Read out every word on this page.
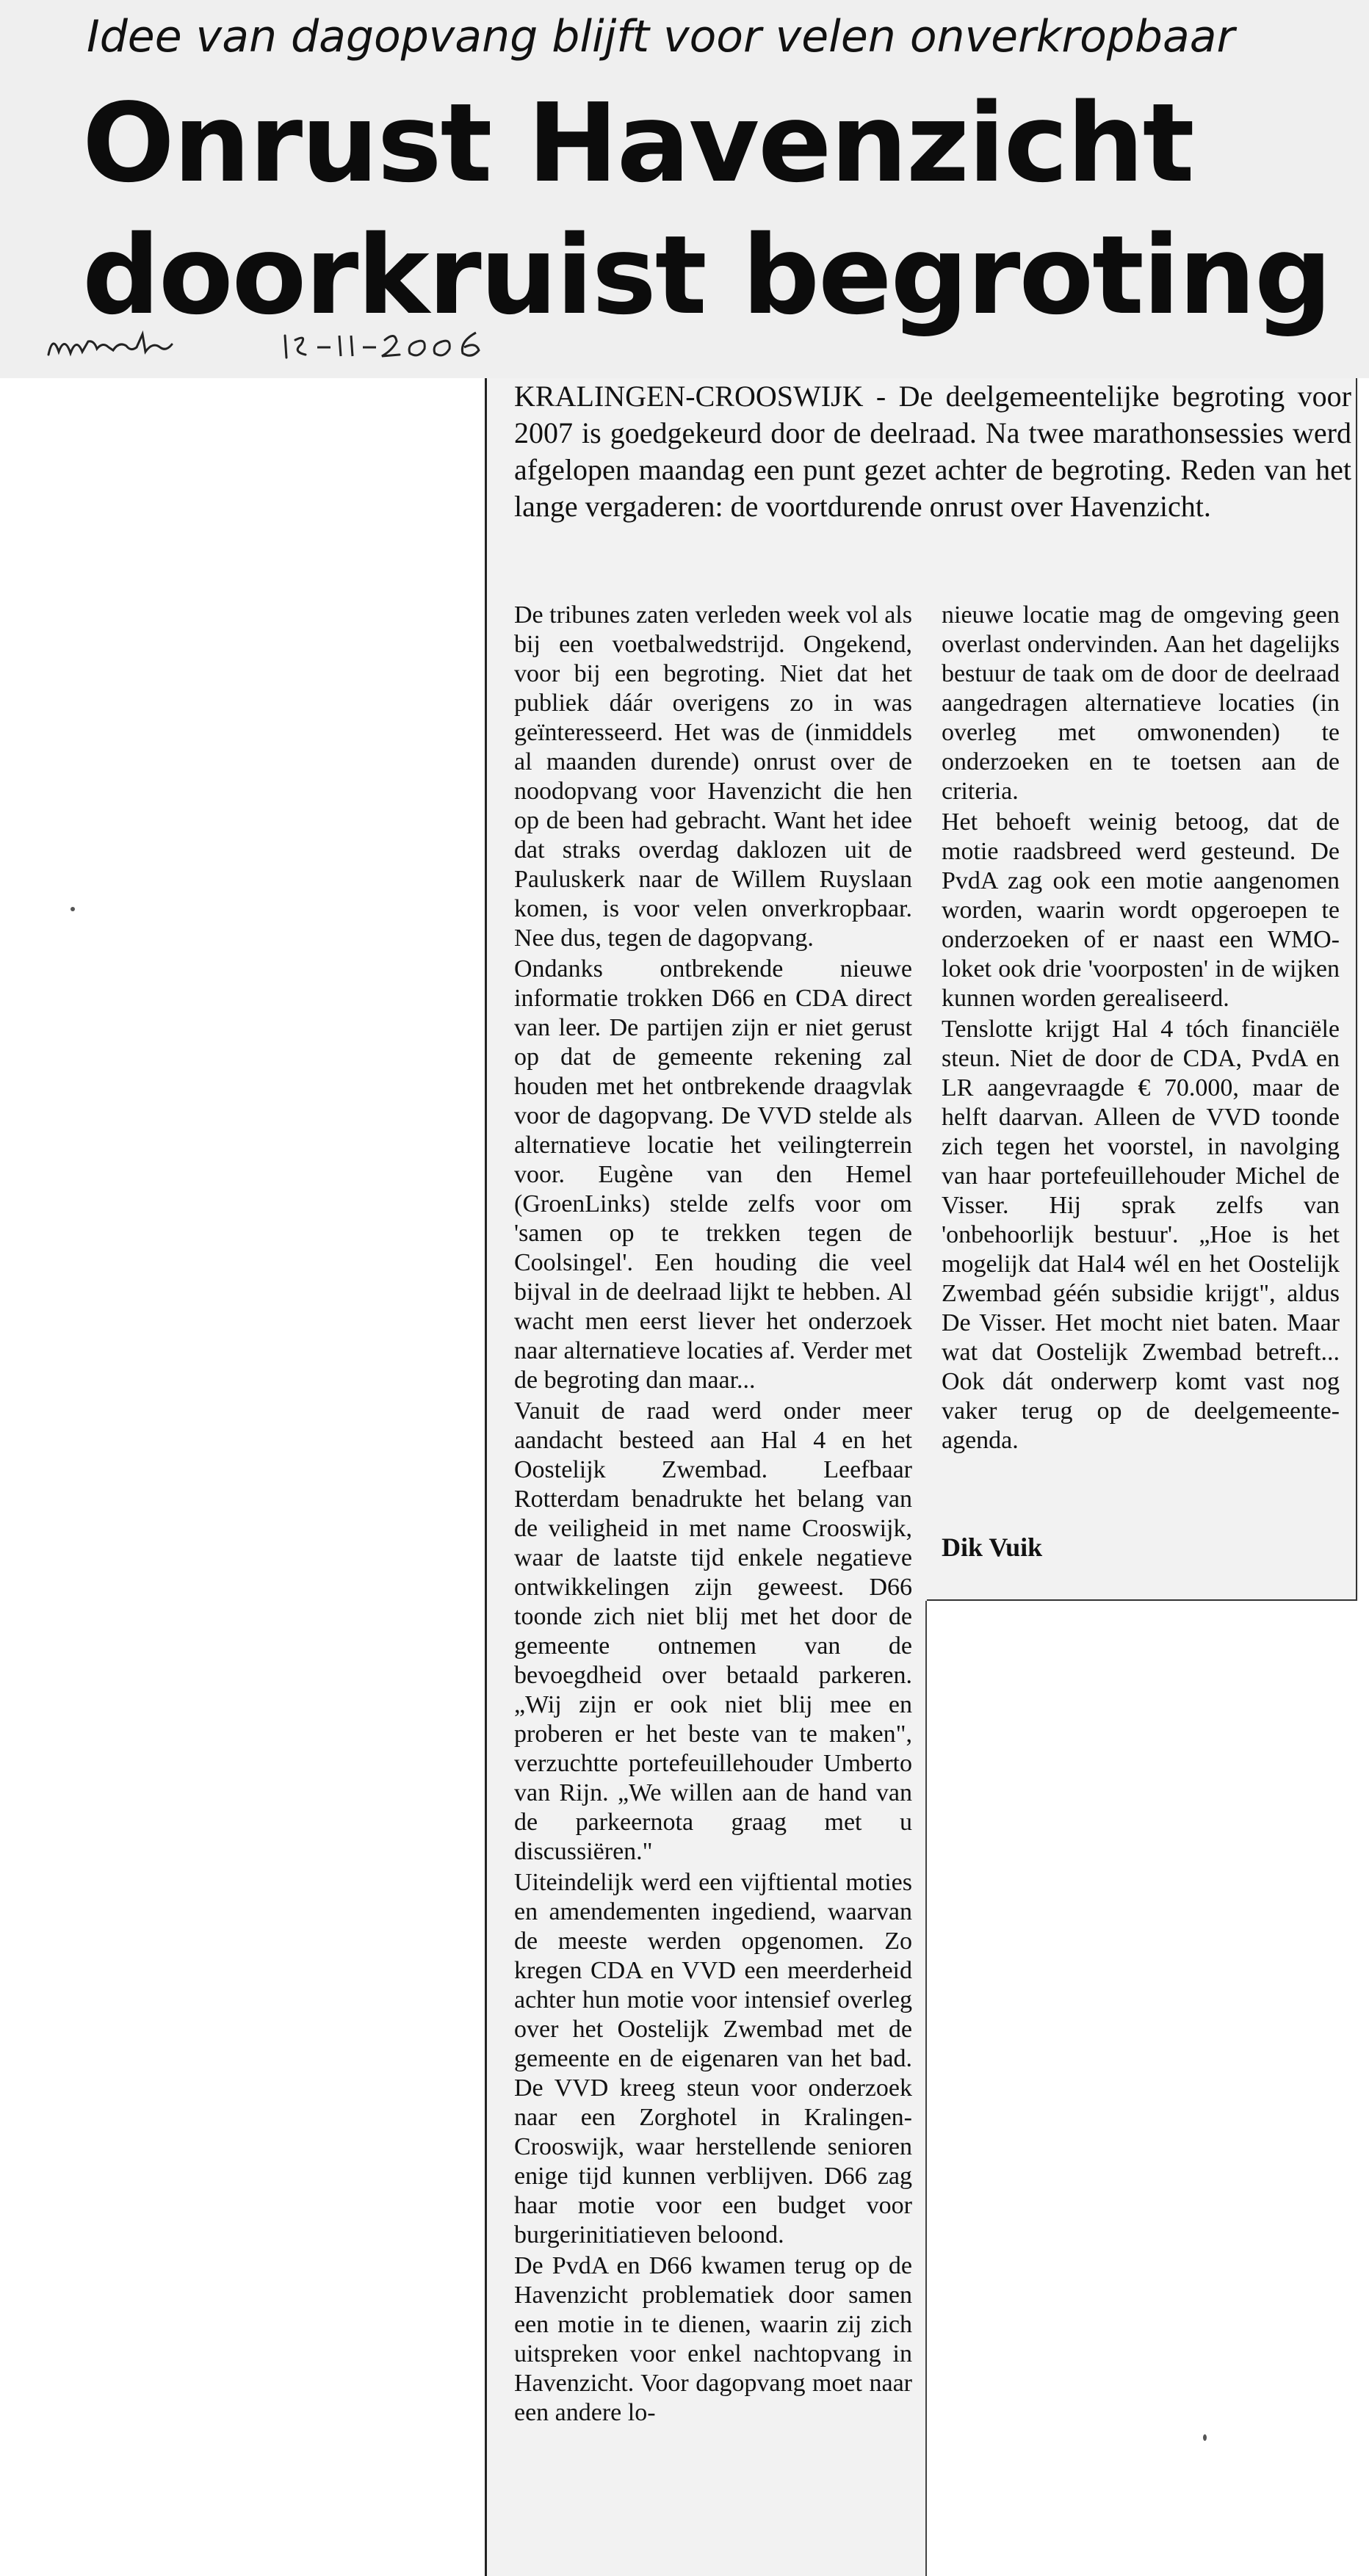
Idee van dagopvang blijft voor velen onverkropbaar
Onrust Havenzicht
doorkruist begroting

KRALINGEN-CROOSWIJK - De deelgemeentelijke begroting voor 2007 is goedgekeurd door de deelraad. Na twee marathonsessies werd afgelopen maandag een punt gezet achter de begroting. Reden van het lange vergaderen: de voortdurende onrust over Havenzicht.

De tribunes zaten verleden week vol als bij een voetbalwedstrijd. Ongekend, voor bij een begroting. Niet dat het publiek dáár overigens zo in was geïnteresseerd. Het was de (inmiddels al maanden durende) onrust over de noodopvang voor Havenzicht die hen op de been had gebracht. Want het idee dat straks overdag daklozen uit de Pauluskerk naar de Willem Ruyslaan komen, is voor velen onverkropbaar. Nee dus, tegen de dagopvang.

Ondanks ontbrekende nieuwe informatie trokken D66 en CDA direct van leer. De partijen zijn er niet gerust op dat de gemeente rekening zal houden met het ontbrekende draagvlak voor de dagopvang. De VVD stelde als alternatieve locatie het veilingterrein voor. Eugène van den Hemel (GroenLinks) stelde zelfs voor om 'samen op te trekken tegen de Coolsingel'. Een houding die veel bijval in de deelraad lijkt te hebben. Al wacht men eerst liever het onderzoek naar alternatieve locaties af. Verder met de begroting dan maar...

Vanuit de raad werd onder meer aandacht besteed aan Hal 4 en het Oostelijk Zwembad. Leefbaar Rotterdam benadrukte het belang van de veiligheid in met name Crooswijk, waar de laatste tijd enkele negatieve ontwikkelingen zijn geweest. D66 toonde zich niet blij met het door de gemeente ontnemen van de bevoegdheid over betaald parkeren. „Wij zijn er ook niet blij mee en proberen er het beste van te maken", verzuchtte portefeuillehouder Umberto van Rijn. „We willen aan de hand van de parkeernota graag met u discussiëren."

Uiteindelijk werd een vijftiental moties en amendementen ingediend, waarvan de meeste werden opgenomen. Zo kregen CDA en VVD een meerderheid achter hun motie voor intensief overleg over het Oostelijk Zwembad met de gemeente en de eigenaren van het bad. De VVD kreeg steun voor onderzoek naar een Zorghotel in Kralingen-Crooswijk, waar herstellende senioren enige tijd kunnen verblijven. D66 zag haar motie voor een budget voor burgerinitiatieven beloond.

De PvdA en D66 kwamen terug op de Havenzicht problematiek door samen een motie in te dienen, waarin zij zich uitspreken voor enkel nachtopvang in Havenzicht. Voor dagopvang moet naar een andere lo-

nieuwe locatie mag de omgeving geen overlast ondervinden. Aan het dagelijks bestuur de taak om de door de deelraad aangedragen alternatieve locaties (in overleg met omwonenden) te onderzoeken en te toetsen aan de criteria.

Het behoeft weinig betoog, dat de motie raadsbreed werd gesteund. De PvdA zag ook een motie aangenomen worden, waarin wordt opgeroepen te onderzoeken of er naast een WMO-loket ook drie 'voorposten' in de wijken kunnen worden gerealiseerd.

Tenslotte krijgt Hal 4 tóch financiële steun. Niet de door de CDA, PvdA en LR aangevraagde € 70.000, maar de helft daarvan. Alleen de VVD toonde zich tegen het voorstel, in navolging van haar portefeuillehouder Michel de Visser. Hij sprak zelfs van 'onbehoorlijk bestuur'. „Hoe is het mogelijk dat Hal4 wél en het Oostelijk Zwembad géén subsidie krijgt", aldus De Visser. Het mocht niet baten. Maar wat dat Oostelijk Zwembad betreft... Ook dát onderwerp komt vast nog vaker terug op de deelgemeente-agenda.

Dik Vuik
